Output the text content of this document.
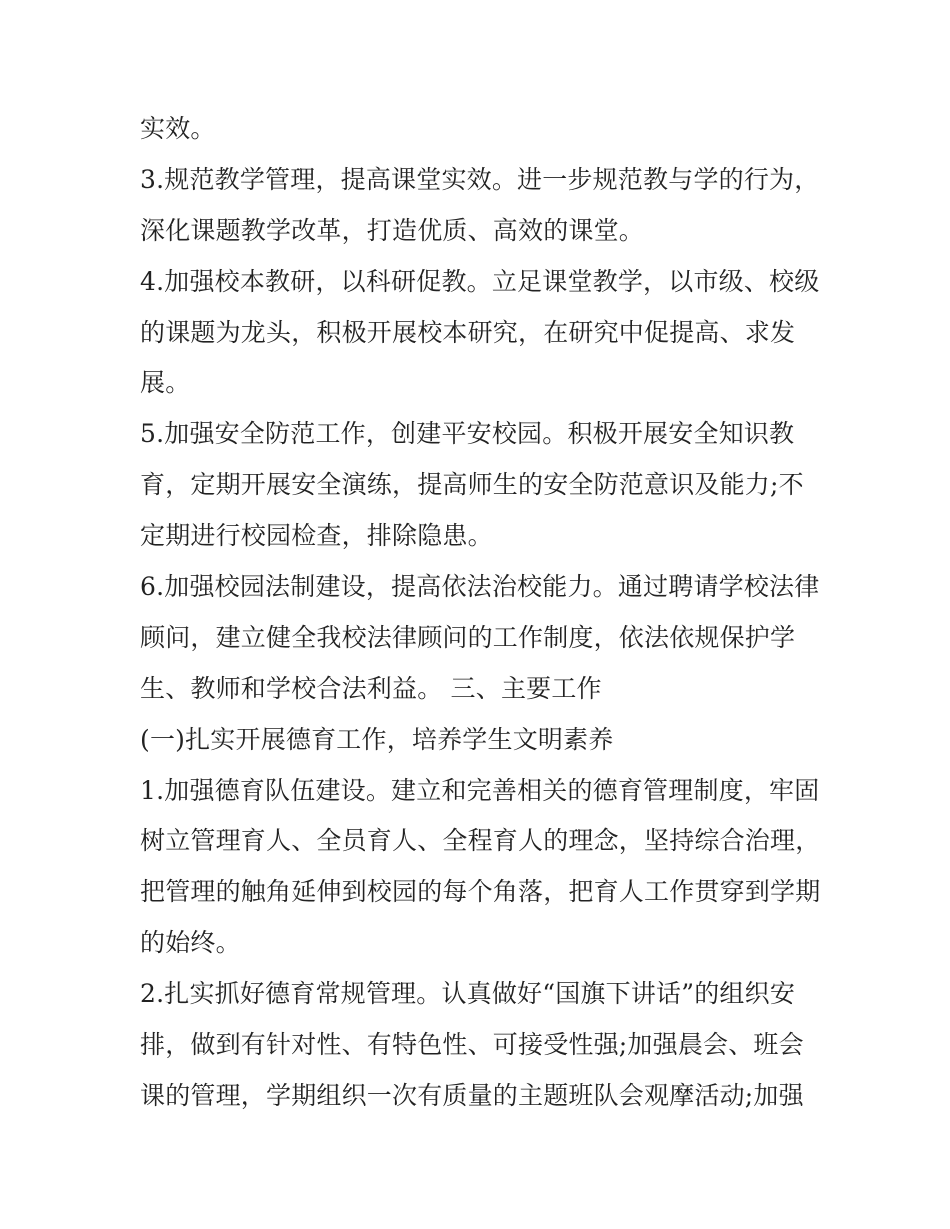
实效。
3.规范教学管理，提高课堂实效。进一步规范教与学的行为，
深化课题教学改革，打造优质、高效的课堂。
4.加强校本教研，以科研促教。立足课堂教学，以市级、校级
的课题为龙头，积极开展校本研究，在研究中促提高、求发
展。
5.加强安全防范工作，创建平安校园。积极开展安全知识教
育，定期开展安全演练，提高师生的安全防范意识及能力;不
定期进行校园检查，排除隐患。
6.加强校园法制建设，提高依法治校能力。通过聘请学校法律
顾问，建立健全我校法律顾问的工作制度，依法依规保护学
生、教师和学校合法利益。 三、主要工作
(一)扎实开展德育工作，培养学生文明素养
1.加强德育队伍建设。建立和完善相关的德育管理制度，牢固
树立管理育人、全员育人、全程育人的理念，坚持综合治理，
把管理的触角延伸到校园的每个角落，把育人工作贯穿到学期
的始终。
2.扎实抓好德育常规管理。认真做好“国旗下讲话”的组织安
排，做到有针对性、有特色性、可接受性强;加强晨会、班会
课的管理，学期组织一次有质量的主题班队会观摩活动;加强
